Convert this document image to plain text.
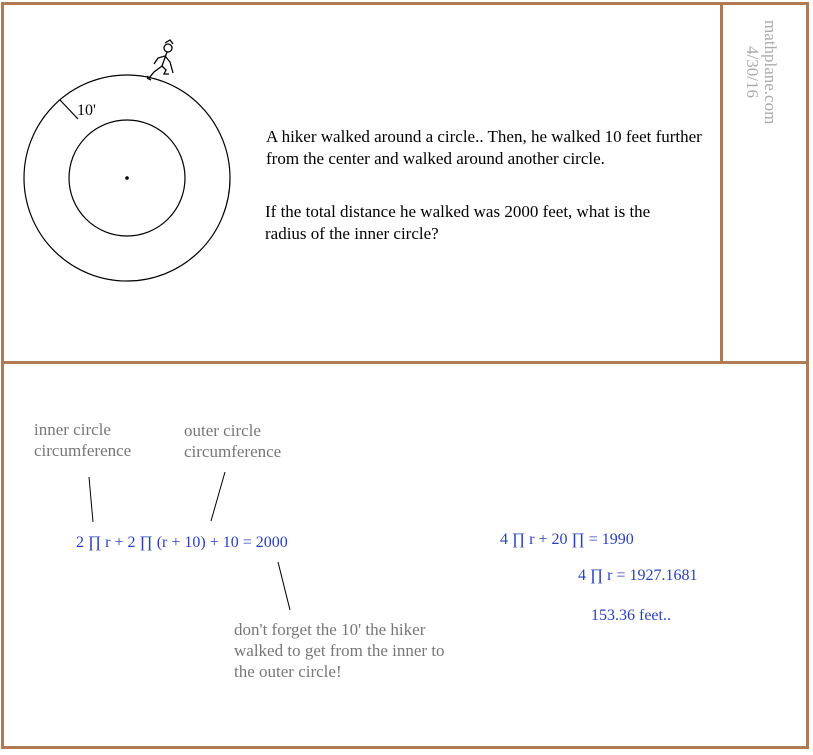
10'
A hiker walked around a circle.. Then, he walked 10 feet further from the center and walked around another circle.
If the total distance he walked was 2000 feet, what is the radius of the inner circle?
mathplane.com
4/30/16
inner circle circumference
outer circle circumference
2 ∏ r + 2 ∏ (r + 10) + 10 = 2000
don't forget the 10' the hiker walked to get from the inner to the outer circle!
4 ∏ r + 20 ∏ = 1990
4 ∏ r = 1927.1681
153.36 feet..
